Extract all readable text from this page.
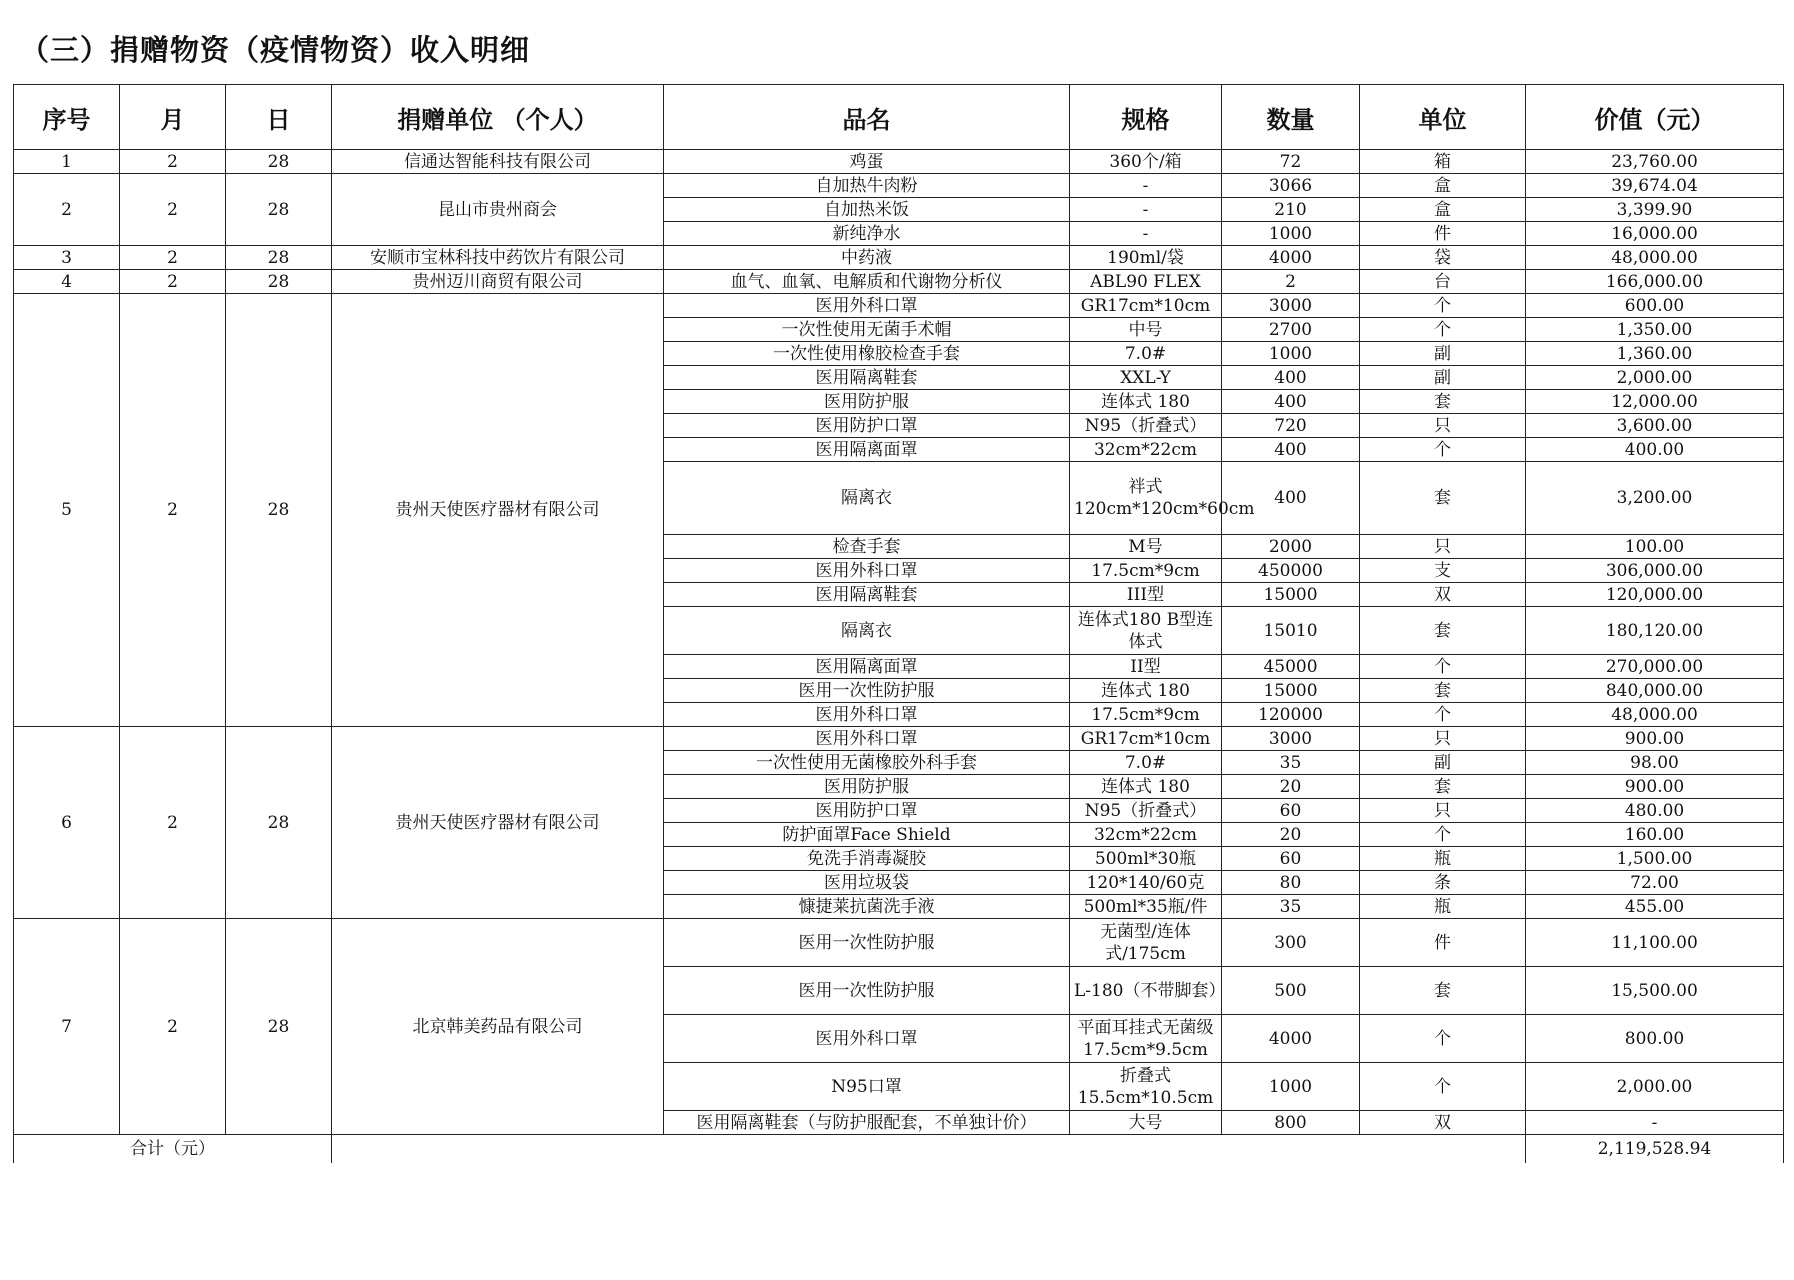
（三）捐赠物资（疫情物资）收入明细
序号	月	日	捐赠单位 （个人）	品名	规格	数量	单位	价值（元）
1	2	28	信通达智能科技有限公司	鸡蛋	360个/箱	72	箱	23,760.00
2	2	28	昆山市贵州商会	自加热牛肉粉	-	3066	盒	39,674.04
				自加热米饭	-	210	盒	3,399.90
				新纯净水	-	1000	件	16,000.00
3	2	28	安顺市宝林科技中药饮片有限公司	中药液	190ml/袋	4000	袋	48,000.00
4	2	28	贵州迈川商贸有限公司	血气、血氧、电解质和代谢物分析仪	ABL90 FLEX	2	台	166,000.00
5	2	28	贵州天使医疗器材有限公司	医用外科口罩	GR17cm*10cm	3000	个	600.00
				一次性使用无菌手术帽	中号	2700	个	1,350.00
				一次性使用橡胶检查手套	7.0#	1000	副	1,360.00
				医用隔离鞋套	XXL-Y	400	副	2,000.00
				医用防护服	连体式 180	400	套	12,000.00
				医用防护口罩	N95（折叠式）	720	只	3,600.00
				医用隔离面罩	32cm*22cm	400	个	400.00
				隔离衣	袢式120cm*120cm*60cm	400	套	3,200.00
				检查手套	M号	2000	只	100.00
				医用外科口罩	17.5cm*9cm	450000	支	306,000.00
				医用隔离鞋套	III型	15000	双	120,000.00
				隔离衣	连体式180 B型连体式	15010	套	180,120.00
				医用隔离面罩	II型	45000	个	270,000.00
				医用一次性防护服	连体式 180	15000	套	840,000.00
				医用外科口罩	17.5cm*9cm	120000	个	48,000.00
6	2	28	贵州天使医疗器材有限公司	医用外科口罩	GR17cm*10cm	3000	只	900.00
				一次性使用无菌橡胶外科手套	7.0#	35	副	98.00
				医用防护服	连体式 180	20	套	900.00
				医用防护口罩	N95（折叠式）	60	只	480.00
				防护面罩Face Shield	32cm*22cm	20	个	160.00
				免洗手消毒凝胶	500ml*30瓶	60	瓶	1,500.00
				医用垃圾袋	120*140/60克	80	条	72.00
				慷捷莱抗菌洗手液	500ml*35瓶/件	35	瓶	455.00
7	2	28	北京韩美药品有限公司	医用一次性防护服	无菌型/连体式/175cm	300	件	11,100.00
				医用一次性防护服	L-180（不带脚套）	500	套	15,500.00
				医用外科口罩	平面耳挂式无菌级17.5cm*9.5cm	4000	个	800.00
				N95口罩	折叠式15.5cm*10.5cm	1000	个	2,000.00
				医用隔离鞋套（与防护服配套，不单独计价）	大号	800	双	-
合计（元）								2,119,528.94
